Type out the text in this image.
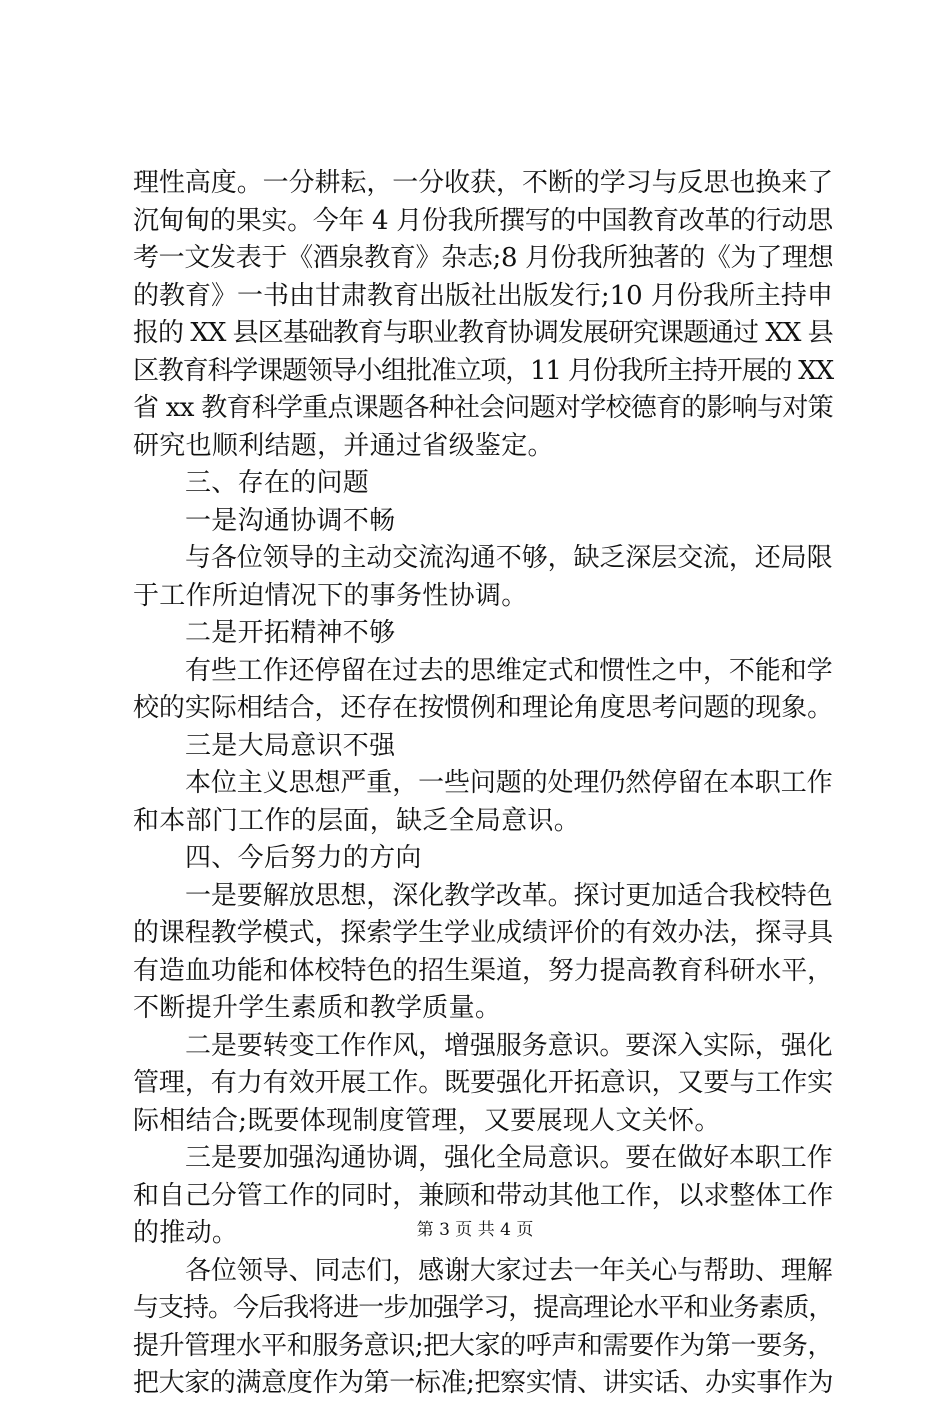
理性高度。一分耕耘，一分收获，不断的学习与反思也换来了
沉甸甸的果实。今年 4 月份我所撰写的中国教育改革的行动思
考一文发表于《酒泉教育》杂志;8 月份我所独著的《为了理想
的教育》一书由甘肃教育出版社出版发行;10 月份我所主持申
报的 XX 县区基础教育与职业教育协调发展研究课题通过 XX 县
区教育科学课题领导小组批准立项，11 月份我所主持开展的 XX
省 xx 教育科学重点课题各种社会问题对学校德育的影响与对策
研究也顺利结题，并通过省级鉴定。
三、存在的问题
一是沟通协调不畅
与各位领导的主动交流沟通不够，缺乏深层交流，还局限
于工作所迫情况下的事务性协调。
二是开拓精神不够
有些工作还停留在过去的思维定式和惯性之中，不能和学
校的实际相结合，还存在按惯例和理论角度思考问题的现象。
三是大局意识不强
本位主义思想严重，一些问题的处理仍然停留在本职工作
和本部门工作的层面，缺乏全局意识。
四、今后努力的方向
一是要解放思想，深化教学改革。探讨更加适合我校特色
的课程教学模式，探索学生学业成绩评价的有效办法，探寻具
有造血功能和体校特色的招生渠道，努力提高教育科研水平，
不断提升学生素质和教学质量。
二是要转变工作作风，增强服务意识。要深入实际，强化
管理，有力有效开展工作。既要强化开拓意识，又要与工作实
际相结合;既要体现制度管理，又要展现人文关怀。
三是要加强沟通协调，强化全局意识。要在做好本职工作
和自己分管工作的同时，兼顾和带动其他工作，以求整体工作
的推动。
各位领导、同志们，感谢大家过去一年关心与帮助、理解
与支持。今后我将进一步加强学习，提高理论水平和业务素质，
提升管理水平和服务意识;把大家的呼声和需要作为第一要务，
把大家的满意度作为第一标准;把察实情、讲实话、办实事作为
第 3 页 共 4 页
